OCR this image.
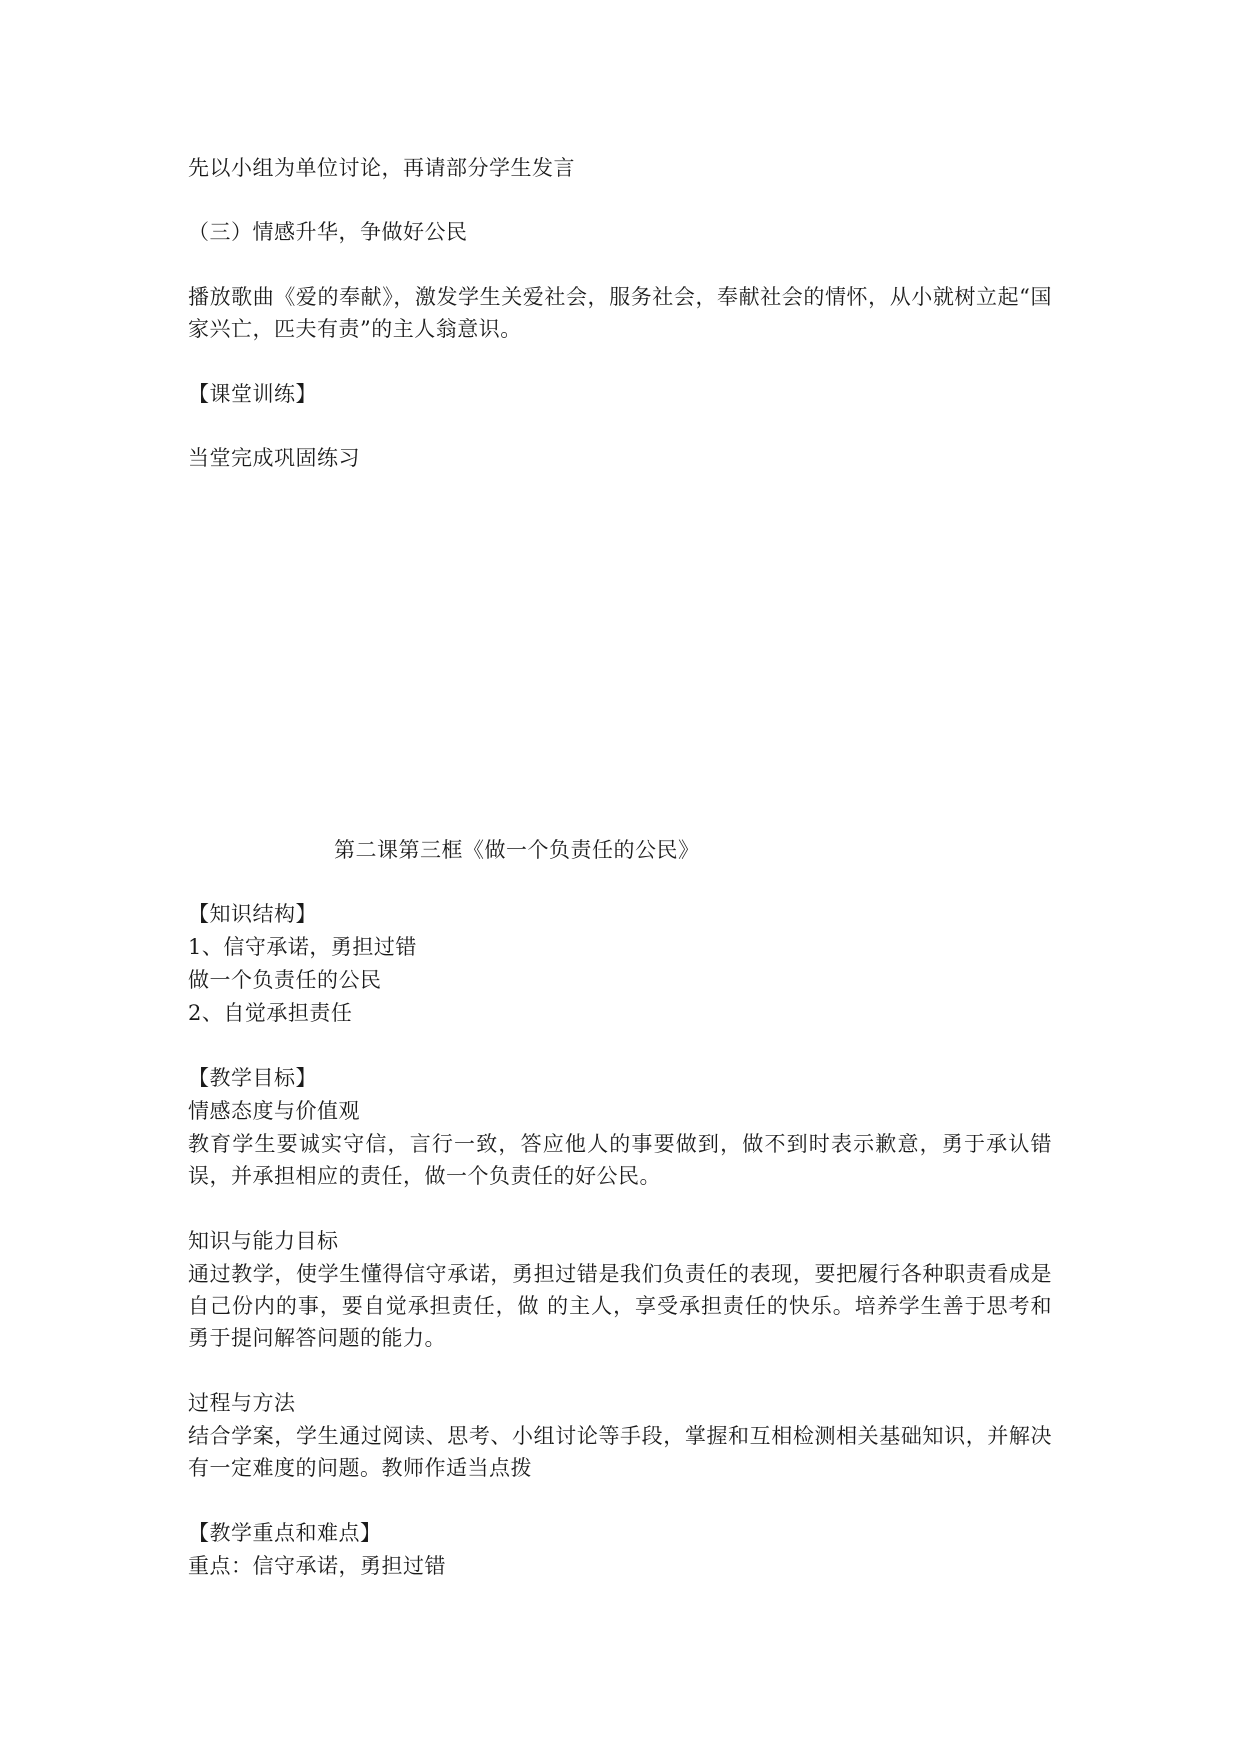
先以小组为单位讨论，再请部分学生发言
（三）情感升华，争做好公民
播放歌曲《爱的奉献》，激发学生关爱社会，服务社会，奉献社会的情怀，从小就树立起“国家兴亡，匹夫有责”的主人翁意识。
【课堂训练】
当堂完成巩固练习
第二课第三框《做一个负责任的公民》
【知识结构】
1、信守承诺，勇担过错
做一个负责任的公民
2、自觉承担责任
【教学目标】
情感态度与价值观
教育学生要诚实守信，言行一致，答应他人的事要做到，做不到时表示歉意，勇于承认错误，并承担相应的责任，做一个负责任的好公民。
知识与能力目标
通过教学，使学生懂得信守承诺，勇担过错是我们负责任的表现，要把履行各种职责看成是自己份内的事，要自觉承担责任，做 的主人，享受承担责任的快乐。培养学生善于思考和勇于提问解答问题的能力。
过程与方法
结合学案，学生通过阅读、思考、小组讨论等手段，掌握和互相检测相关基础知识，并解决有一定难度的问题。教师作适当点拨
【教学重点和难点】
重点：信守承诺，勇担过错
